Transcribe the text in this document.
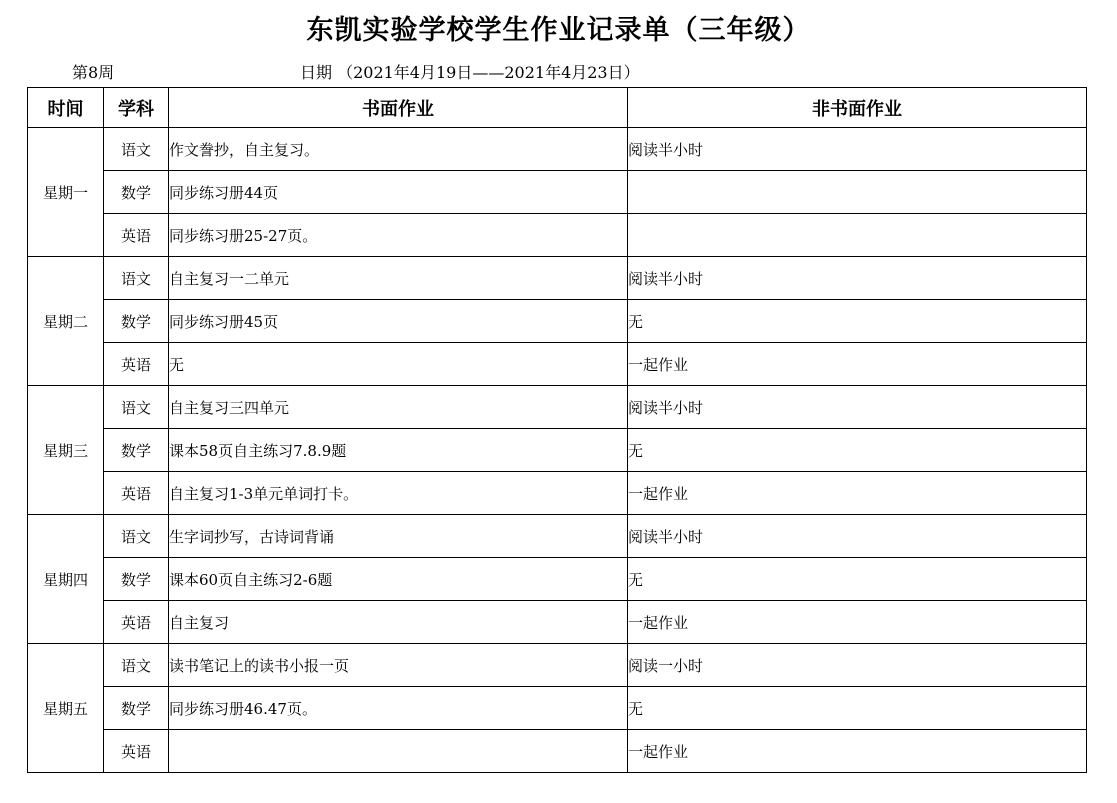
东凯实验学校学生作业记录单（三年级）
第8周	日期 （2021年4月19日——2021年4月23日）
时间	学科	书面作业	非书面作业
星期一	语文	作文誊抄，自主复习。	阅读半小时
	数学	同步练习册44页	
	英语	同步练习册25-27页。	
星期二	语文	自主复习一二单元	阅读半小时
	数学	同步练习册45页	无
	英语	无	一起作业
星期三	语文	自主复习三四单元	阅读半小时
	数学	课本58页自主练习7.8.9题	无
	英语	自主复习1-3单元单词打卡。	一起作业
星期四	语文	生字词抄写，古诗词背诵	阅读半小时
	数学	课本60页自主练习2-6题	无
	英语	自主复习	一起作业
星期五	语文	读书笔记上的读书小报一页	阅读一小时
	数学	同步练习册46.47页。	无
	英语		一起作业
